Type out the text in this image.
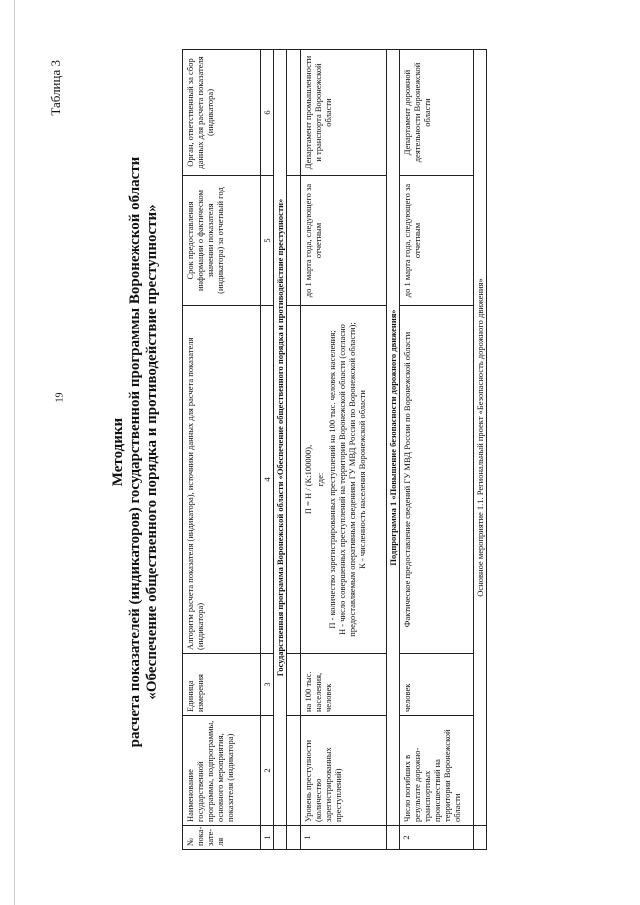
Таблица 3
Методики расчета показателей (индикаторов) государственной программы Воронежской области «Обеспечение общественного порядка и противодействие преступности»
№ пока-зате-ля	Наименование государственной программы, подпрограммы, основного мероприятия, показателя (индикатора)	Единица измерения	Алгоритм расчета показателя (индикатора), источники данных для расчета показателя (индикатора)	Срок предоставления информации о фактическом значении показателя (индикатора) за отчетный год	Орган, ответственный за сбор данных для расчета показателя (индикатора)
1	2	3	4	5	6
	Государственная программа Воронежской области «Обеспечение общественного порядка и противодействие преступности»				

1	Уровень преступности (количество зарегистрированных преступлений)	на 100 тыс. населения, человек	П = Н / (К:100000), где: П - количество зарегистрированных преступлений на 100 тыс. человек населения; Н - число совершенных преступлений на территории Воронежской области (согласно предоставляемым оперативным сведениям ГУ МВД России по Воронежской области); К - численность населения Воронежской области	до 1 марта года, следующего за отчетным	Департамент промышленности и транспорта Воронежской области
	Подпрограмма 1 «Повышение безопасности дорожного движения»				
2	Число погибших в результате дорожно-транспортных происшествий на территории Воронежской области	человек	Фактическое предоставление сведений ГУ МВД России по Воронежской области	до 1 марта года, следующего за отчетным	Департамент дорожной деятельности Воронежской области
	Основное мероприятие 1.1. Региональный проект «Безопасность дорожного движения»				
19
